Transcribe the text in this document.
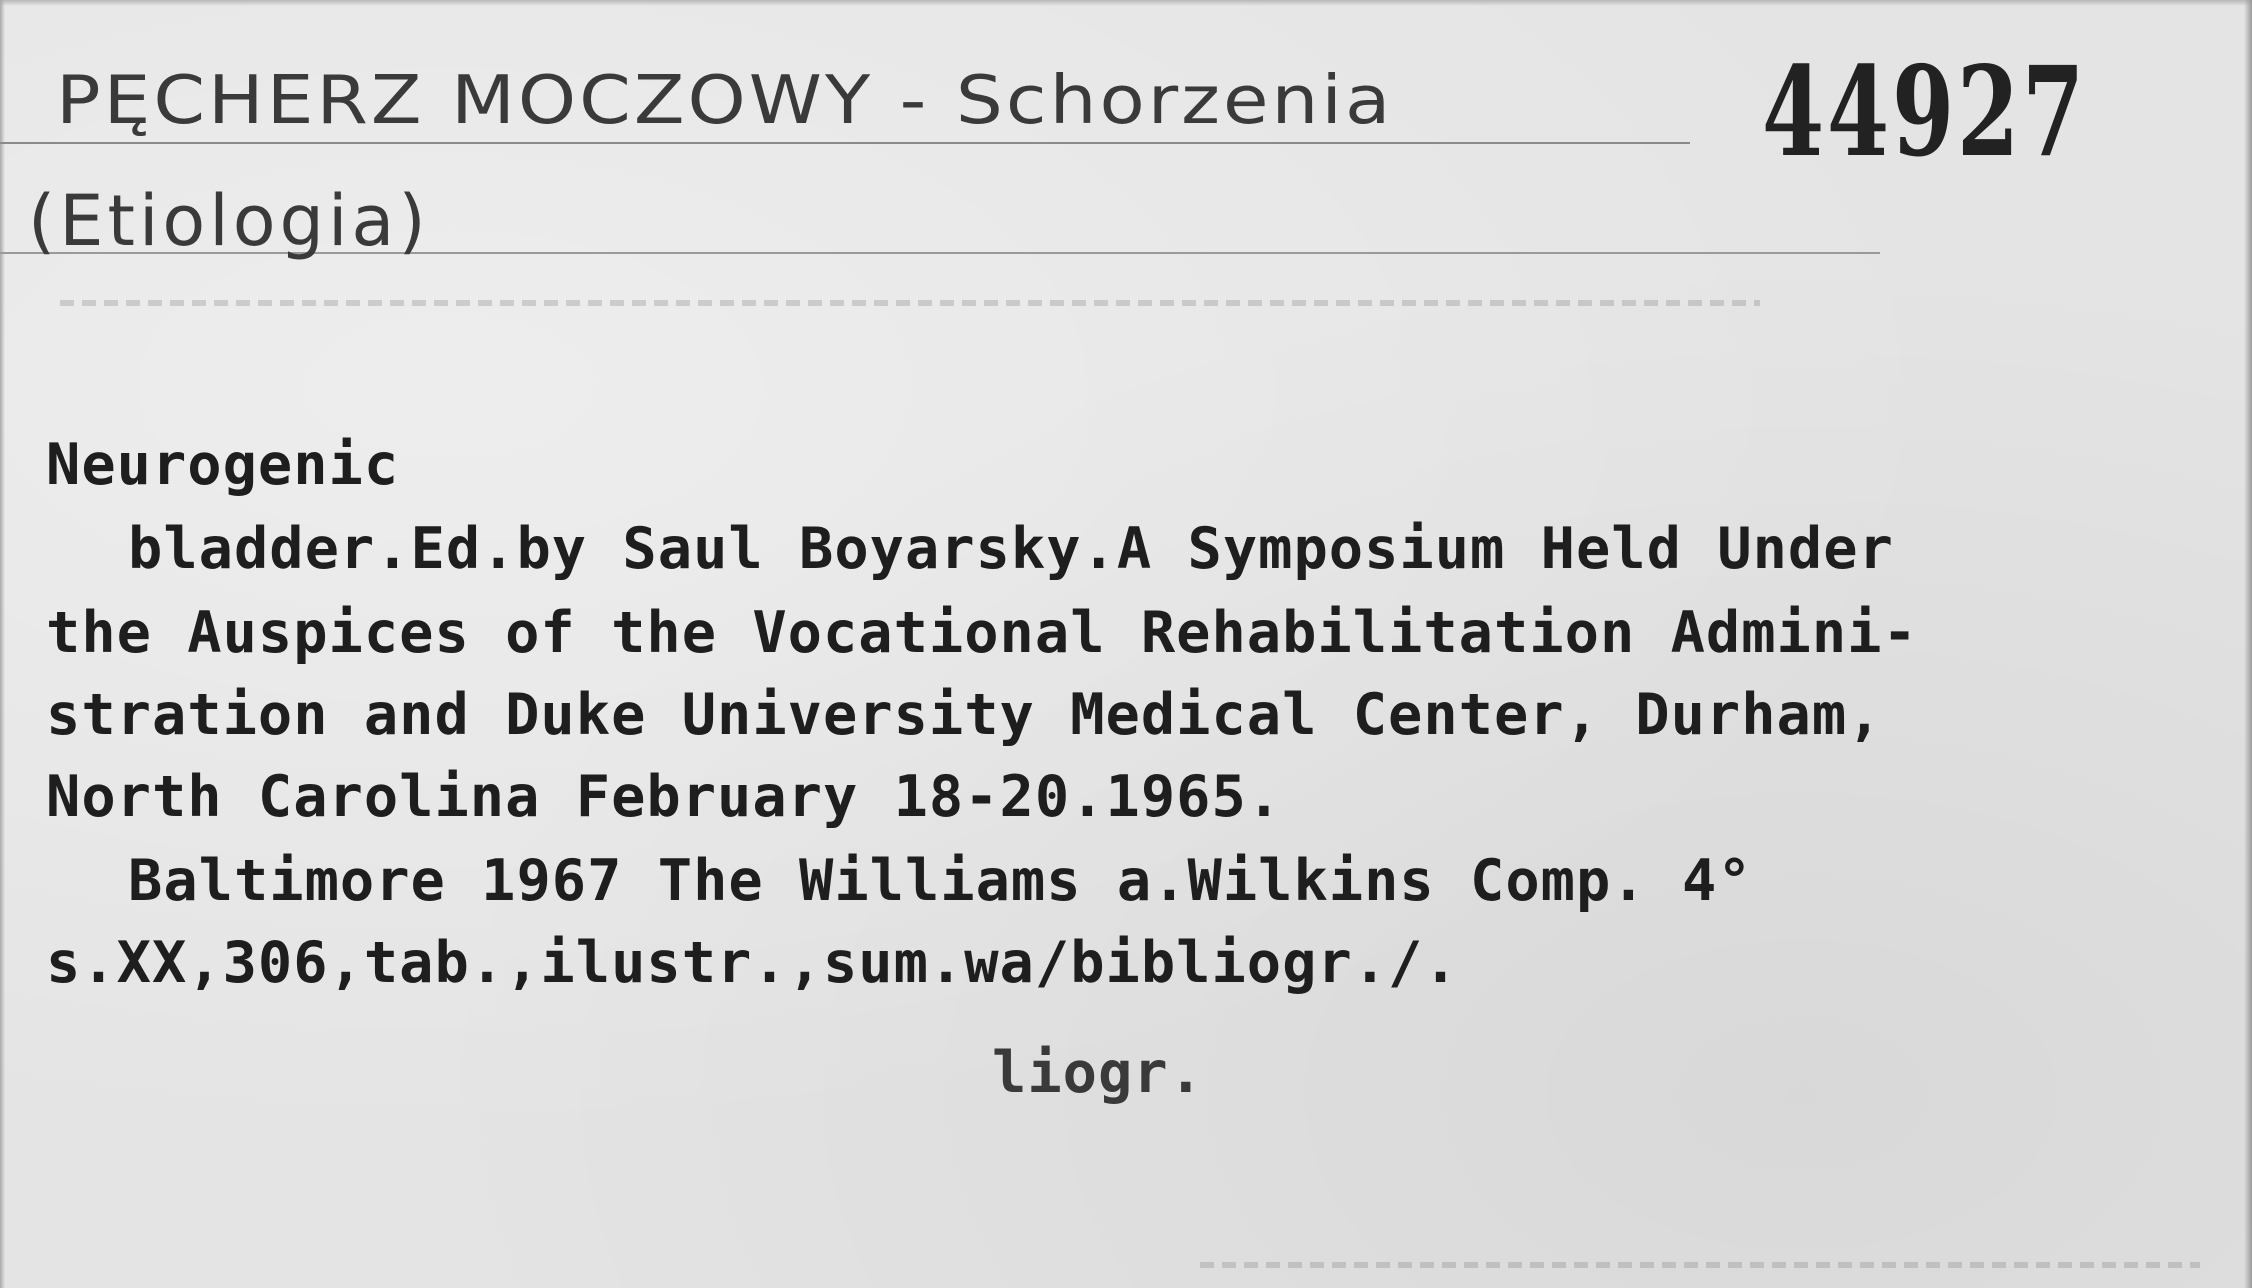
PĘCHERZ MOCZOWY - Schorzenia
(Etiologia)
44927
Neurogenic
bladder.Ed.by Saul Boyarsky.A Symposium Held Under
the Auspices of the Vocational Rehabilitation Admini-
stration and Duke University Medical Center, Durham,
North Carolina February 18-20.1965.
Baltimore 1967 The Williams a.Wilkins Comp. 4°
s.XX,306,tab.,ilustr.,sum.wa/bibliogr./.
liogr.
